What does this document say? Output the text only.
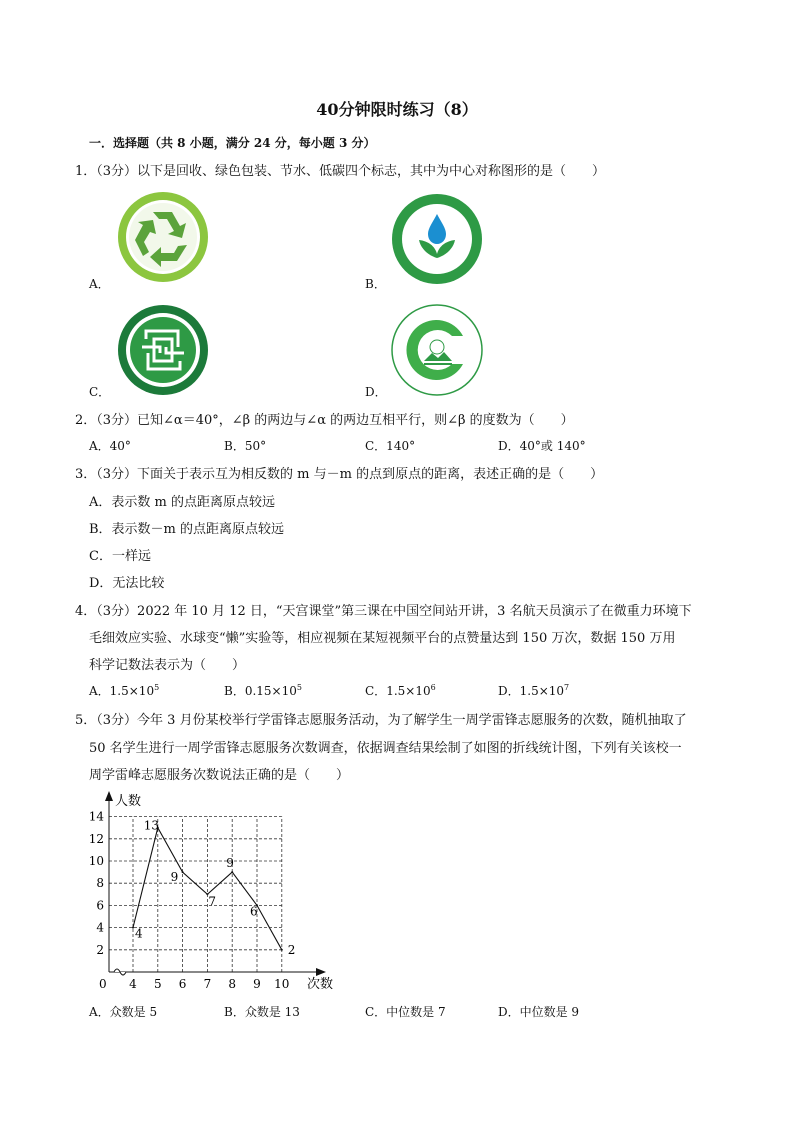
40分钟限时练习（8）
一．选择题（共 8 小题，满分 24 分，每小题 3 分）
1．（3分）以下是回收、绿色包装、节水、低碳四个标志，其中为中心对称图形的是（　　）
A．	B．
C．	D．
2．（3分）已知∠α＝40°，∠β 的两边与∠α 的两边互相平行，则∠β 的度数为（　　）
A．40°	B．50°	C．140°	D．40°或 140°
3．（3分）下面关于表示互为相反数的 m 与－m 的点到原点的距离，表述正确的是（　　）
A．表示数 m 的点距离原点较远
B．表示数－m 的点距离原点较远
C．一样远
D．无法比较
4．（3分）2022 年 10 月 12 日，“天宫课堂”第三课在中国空间站开讲，3 名航天员演示了在微重力环境下
毛细效应实验、水球变“懒”实验等，相应视频在某短视频平台的点赞量达到 150 万次，数据 150 万用
科学记数法表示为（　　）
A．$1.5\times 10^5$	B．$0.15\times 10^5$	C．$1.5\times 10^6$	D．$1.5\times 10^7$
5．（3分）今年 3 月份某校举行学雷锋志愿服务活动，为了解学生一周学雷锋志愿服务的次数，随机抽取了
50 名学生进行一周学雷锋志愿服务次数调查，依据调查结果绘制了如图的折线统计图，下列有关该校一
周学雷峰志愿服务次数说法正确的是（　　）
2
4
6
8
10
12
14
4 5 6 7 8 9 10
0
人数
次数
4
13
9
7
9
6
2
A．众数是 5	B．众数是 13	C．中位数是 7	D．中位数是 9
